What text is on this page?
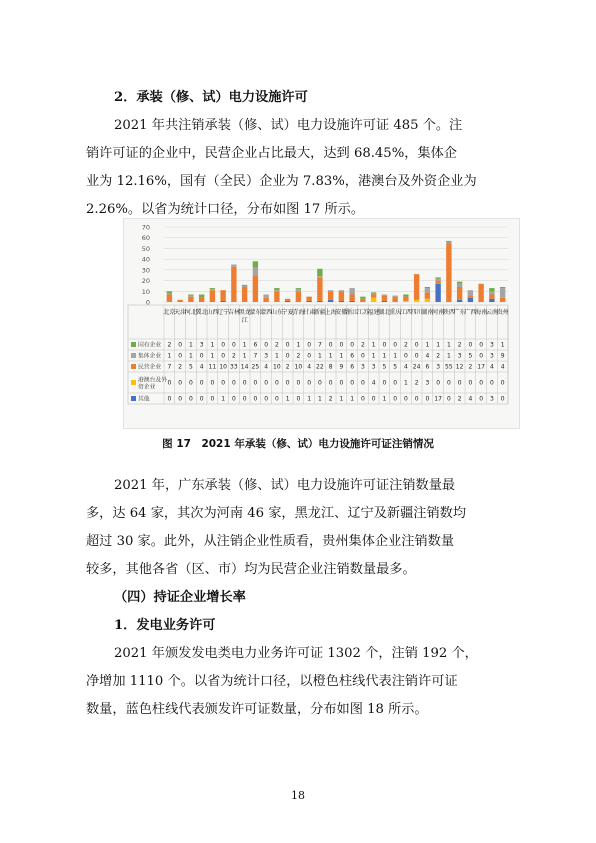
2．承装（修、试）电力设施许可
2021 年共注销承装（修、试）电力设施许可证 485 个。注
销许可证的企业中，民营企业占比最大，达到 68.45%，集体企
业为 12.16%，国有（全民）企业为 7.83%，港澳台及外资企业为
2.26%。以省为统计口径，分布如图 17 所示。
0
10
20
30
40
50
60
70
北京
天津
河北
冀北
山西
辽宁
吉林
黑龙
江
蒙东
蒙西
山东
宁夏
青海
甘肃
新疆
上海
安徽
浙江
江苏
福建
湖北
重庆
江西
四川
湖南
河南
陕西
广东
广西
海南
云南
贵州
国有企业 2 0 1 3 1 0 0 1 6 0 2 0 1 0 7 0 0 0 2 1 0 0 2 0 1 1 1 2 0 0 3 1
集体企业 1 0 1 0 1 0 2 1 7 3 1 0 2 0 1 1 1 6 0 1 1 1 0 0 4 2 1 3 5 0 3 9
民营企业 7 2 5 4 11 10 33 14 25 4 10 2 10 4 22 8 9 6 3 3 5 5 4 24 6 3 55 12 2 17 4 4
港澳台及外
资企业
0 0 0 0 0 0 0 0 0 0 0 0 0 0 0 0 0 0 0 4 0 0 1 2 3 0 0 0 0 0 0 0
其他	0 0 0 0 0 1 0 0 0 0 0 1 0 1 1 2 1 1 0 0 1 0 0 0 0 17 0 2 4 0 3 0
图 17　2021 年承装（修、试）电力设施许可证注销情况
2021 年，广东承装（修、试）电力设施许可证注销数量最
多，达 64 家，其次为河南 46 家，黑龙江、辽宁及新疆注销数均
超过 30 家。此外，从注销企业性质看，贵州集体企业注销数量
较多，其他各省（区、市）均为民营企业注销数量最多。
（四）持证企业增长率
1．发电业务许可
2021 年颁发发电类电力业务许可证 1302 个，注销 192 个，
净增加 1110 个。以省为统计口径，以橙色柱线代表注销许可证
数量，蓝色柱线代表颁发许可证数量，分布如图 18 所示。
18
